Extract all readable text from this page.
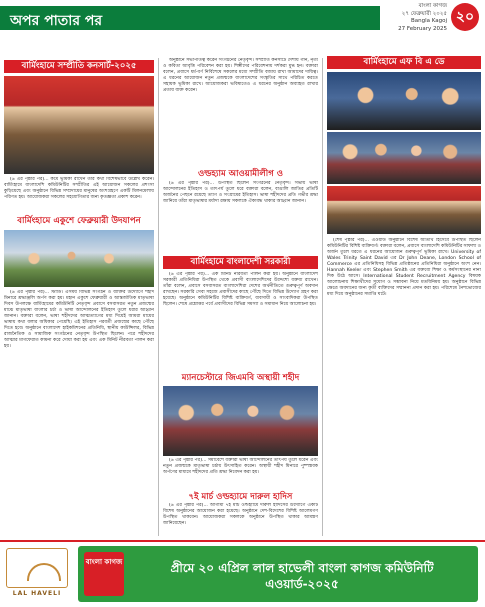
অপর পাতার পর
বাংলা কাগজ
২৭ ফেব্রুয়ারী ২০২৫
Bangla Kagoj
27 February 2025
২০
বার্মিংহামে সম্প্রীতি কনসার্ট-২০২৫

(৬ এর পৃষ্ঠার পর)... কর্মে ভূমিকা রাখেন তার কথা বিশেষভাবে উল্লেখ করেন। বার্মিংহামে বাংলাদেশি কমিউনিটির সম্প্রীতির এই আয়োজন সকলের প্রশংসা কুড়িয়েছে এবং অনুষ্ঠানে বিভিন্ন সম্প্রদায়ের মানুষের অংশগ্রহণে একটি মিলনমেলায় পরিণত হয়। আয়োজকরা সকলের সহযোগিতার জন্য কৃতজ্ঞতা প্রকাশ করেন।

বার্মিংহামে একুশে ফেব্রুয়ারী উদযাপন

(৬ এর পৃষ্ঠার পর)... স্টাডি। এসময় বিভিন্ন সংগঠন ও ব্যক্তির উদ্যোগে শহীদ মিনারে শ্রদ্ধাঞ্জলি অর্পণ করা হয়। মহান একুশে ফেব্রুয়ারী ও আন্তর্জাতিক মাতৃভাষা দিবস উপলক্ষে বার্মিংহামের কমিউনিটি নেতৃবৃন্দ প্রবাসে বসবাসরত নতুন প্রজন্মের মাঝে মাতৃভাষা বাংলার চর্চা ও ভাষা আন্দোলনের ইতিহাস তুলে ধরার আহ্বান জানান। বক্তারা বলেন, ভাষা শহীদদের আত্মত্যাগের মধ্য দিয়েই আমরা মায়ের ভাষায় কথা বলার অধিকার পেয়েছি। এই ইতিহাস পরবর্তী প্রজন্মের কাছে পৌঁছে দিতে হবে। অনুষ্ঠানে বাংলাদেশ হাইকমিশনের প্রতিনিধি, স্থানীয় কাউন্সিলর, বিভিন্ন রাজনৈতিক ও সামাজিক সংগঠনের নেতৃবৃন্দ উপস্থিত ছিলেন। পরে শহীদদের আত্মার মাগফেরাত কামনা করে দোয়া করা হয় এবং এক মিনিট নীরবতা পালন করা হয়।

অনুষ্ঠানে সভাপতিত্ব করেন সংগঠনের নেতৃবৃন্দ। সম্প্রীতি কনসার্টে দেশীয় গান, নৃত্য ও কবিতা আবৃত্তি পরিবেশন করা হয়। শিল্পীদের পরিবেশনায় দর্শকরা মুগ্ধ হন। বক্তারা বলেন, প্রবাসে ধর্ম-বর্ণ নির্বিশেষে সকলের মধ্যে সম্প্রীতি বজায় রাখা আমাদের দায়িত্ব। এ ধরনের আয়োজন নতুন প্রজন্মকে বাংলাদেশের সংস্কৃতির সাথে পরিচিত করতে সহায়ক ভূমিকা রাখে। আয়োজকরা ভবিষ্যতেও এ ধরনের অনুষ্ঠান অব্যাহত রাখার প্রত্যয় ব্যক্ত করেন।

ওল্ডহ্যাম আওয়ামীলীগ ও

(৬ এর পৃষ্ঠার পর)... উপস্থিত ছিলেন সংগঠনের নেতৃবৃন্দ। সভায় ভাষা আন্দোলনের ইতিহাস ও তাৎপর্য তুলে ধরে বক্তারা বলেন, বাঙালি জাতির প্রতিটি অর্জনের পেছনে রয়েছে ত্যাগ ও সংগ্রামের ইতিহাস। ভাষা শহীদদের প্রতি গভীর শ্রদ্ধা জানিয়ে তাঁরা মাতৃভাষার মর্যাদা রক্ষায় সকলকে ঐক্যবদ্ধ থাকার আহ্বান জানান।

বার্মিংহামে বাংলাদেশী সরকারী

(৬ এর পৃষ্ঠার পর)... এক মিনিট নীরবতা পালন করা হয়। অনুষ্ঠানে বাংলাদেশ সরকারী প্রতিনিধিরা উপস্থিত থেকে প্রবাসী বাংলাদেশিদের উদ্দেশ্যে বক্তব্য রাখেন। তাঁরা বলেন, প্রবাসে বসবাসরত বাংলাদেশিরা দেশের অর্থনীতিতে গুরুত্বপূর্ণ অবদান রাখছেন। সরকারি সেবা সহজে প্রবাসীদের কাছে পৌঁছে দিতে বিভিন্ন উদ্যোগ গ্রহণ করা হয়েছে। অনুষ্ঠানে কমিউনিটির বিশিষ্ট ব্যক্তিবর্গ, ব্যবসায়ী ও সাংবাদিকরা উপস্থিত ছিলেন। শেষে প্রশ্নোত্তর পর্বে প্রবাসীদের বিভিন্ন সমস্যা ও সমাধান নিয়ে আলোচনা হয়।

ম্যানচেস্টারে জিএমবি অস্থায়ী শহীদ

(৬ এর পৃষ্ঠার পর)... সমাবেশে বক্তারা ভাষা আন্দোলনের তাৎপর্য তুলে ধরেন এবং নতুন প্রজন্মকে মাতৃভাষা চর্চায় উৎসাহিত করেন। অস্থায়ী শহীদ মিনারে পুষ্পস্তবক অর্পণের মাধ্যমে শহীদদের প্রতি শ্রদ্ধা নিবেদন করা হয়।

৭ই মার্চ ওল্ডহ্যামে দারুল হাদিস

(৬ এর পৃষ্ঠার পর)... আগামী ৭ই মার্চ ওল্ডহ্যামে দারুল হাদিসের উদ্যোগে একটি বিশেষ অনুষ্ঠানের আয়োজন করা হয়েছে। অনুষ্ঠানে দেশ-বিদেশের বিশিষ্ট আলেমগণ উপস্থিত থাকবেন। আয়োজকরা সকলকে অনুষ্ঠানে উপস্থিত থাকার আমন্ত্রণ জানিয়েছেন।

বার্মিংহামে এফ বি এ ডে

(শেষ পৃষ্ঠার পর)... এওয়ার্ড অনুষ্ঠানে বিশেষ অতিথি হিসেবে উপস্থিত ছিলেন কমিউনিটির বিশিষ্ট ব্যক্তিবর্গ। বক্তারা বলেন, প্রবাসে বাংলাদেশি কমিউনিটির সাফল্য ও অর্জন তুলে ধরতে এ ধরনের আয়োজন গুরুত্বপূর্ণ ভূমিকা রাখে। University of Wales Trinity Saint David এর Dr John Deane, London School of Commerce এর প্রতিনিধিসহ বিভিন্ন প্রতিষ্ঠানের প্রতিনিধিরা অনুষ্ঠানে অংশ নেন। Hannah Keeler এবং Stephen Smith এর বক্তব্যে শিক্ষা ও কর্মসংস্থানের নানা দিক উঠে আসে। International Student Recruitment Agency বিষয়ক আলোচনায় শিক্ষার্থীদের সুযোগ ও সম্ভাবনা নিয়ে মতবিনিময় হয়। অনুষ্ঠানে বিভিন্ন ক্ষেত্রে অবদানের জন্য কৃতী ব্যক্তিদের সম্মাননা প্রদান করা হয়। পরিশেষে নৈশভোজের মধ্য দিয়ে অনুষ্ঠানের সমাপ্তি ঘটে।

LAL HAVELI
বাংলা কাগজ	প্রীমে ২০ এপ্রিল লাল হাভেলী বাংলা কাগজ কমিউনিটি এওয়ার্ড-২০২৫
